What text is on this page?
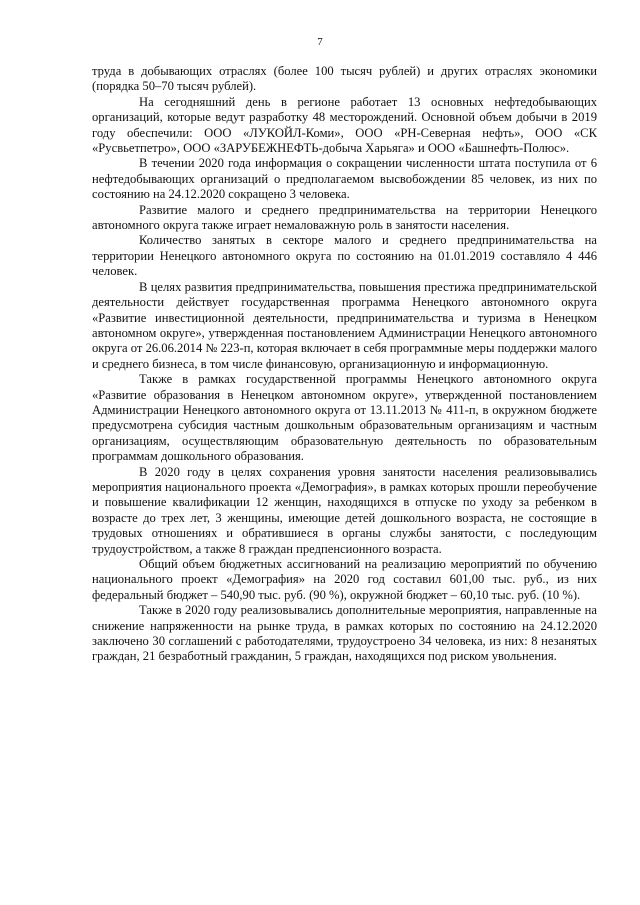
7

труда в добывающих отраслях (более 100 тысяч рублей) и других отраслях экономики (порядка 50–70 тысяч рублей).

На сегодняшний день в регионе работает 13 основных нефтедобывающих организаций, которые ведут разработку 48 месторождений. Основной объем добычи в 2019 году обеспечили: ООО «ЛУКОЙЛ-Коми», ООО «РН-Северная нефть», ООО «СК «Русвьетпетро», ООО «ЗАРУБЕЖНЕФТЬ-добыча Харьяга» и ООО «Башнефть-Полюс».

В течении 2020 года информация о сокращении численности штата поступила от 6 нефтедобывающих организаций о предполагаемом высвобождении 85 человек, из них по состоянию на 24.12.2020 сокращено 3 человека.

Развитие малого и среднего предпринимательства на территории Ненецкого автономного округа также играет немаловажную роль в занятости населения.

Количество занятых в секторе малого и среднего предпринимательства на территории Ненецкого автономного округа по состоянию на 01.01.2019 составляло 4 446 человек.

В целях развития предпринимательства, повышения престижа предпринимательской деятельности действует государственная программа Ненецкого автономного округа «Развитие инвестиционной деятельности, предпринимательства и туризма в Ненецком автономном округе», утвержденная постановлением Администрации Ненецкого автономного округа от 26.06.2014 № 223-п, которая включает в себя программные меры поддержки малого и среднего бизнеса, в том числе финансовую, организационную и информационную.

Также в рамках государственной программы Ненецкого автономного округа «Развитие образования в Ненецком автономном округе», утвержденной постановлением Администрации Ненецкого автономного округа от 13.11.2013 № 411-п, в окружном бюджете предусмотрена субсидия частным дошкольным образовательным организациям и частным организациям, осуществляющим образовательную деятельность по образовательным программам дошкольного образования.

В 2020 году в целях сохранения уровня занятости населения реализовывались мероприятия национального проекта «Демография», в рамках которых прошли переобучение и повышение квалификации 12 женщин, находящихся в отпуске по уходу за ребенком в возрасте до трех лет, 3 женщины, имеющие детей дошкольного возраста, не состоящие в трудовых отношениях и обратившиеся в органы службы занятости, с последующим трудоустройством, а также 8 граждан предпенсионного возраста.

Общий объем бюджетных ассигнований на реализацию мероприятий по обучению национального проект «Демография» на 2020 год составил 601,00 тыс. руб., из них федеральный бюджет – 540,90 тыс. руб. (90 %), окружной бюджет – 60,10 тыс. руб. (10 %).

Также в 2020 году реализовывались дополнительные мероприятия, направленные на снижение напряженности на рынке труда, в рамках которых по состоянию на 24.12.2020 заключено 30 соглашений с работодателями, трудоустроено 34 человека, из них: 8 незанятых граждан, 21 безработный гражданин, 5 граждан, находящихся под риском увольнения.
